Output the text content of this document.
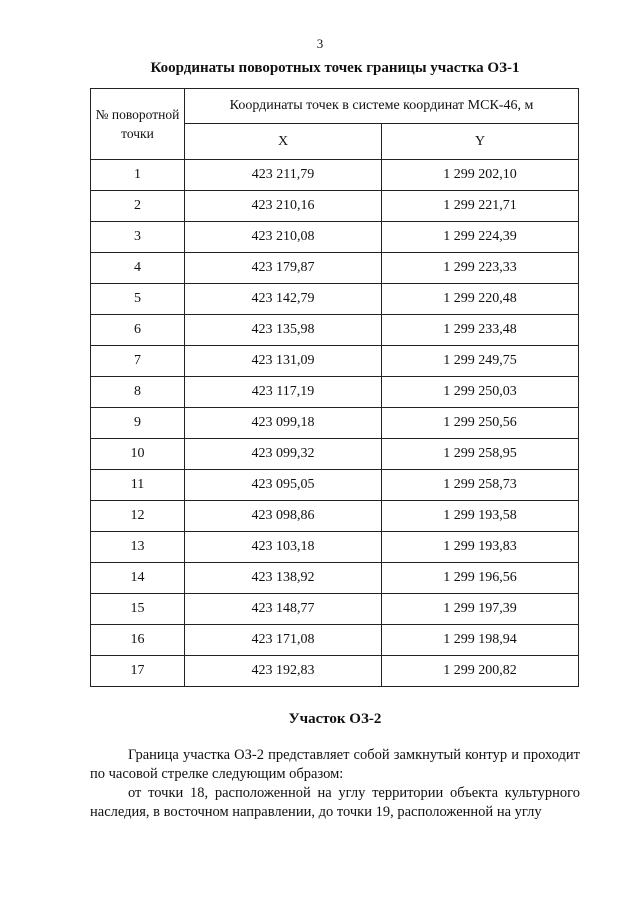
3
Координаты поворотных точек границы участка ОЗ-1
№ поворотной точки	Координаты точек в системе координат МСК-46, м	
	X	Y
1	423 211,79	1 299 202,10
2	423 210,16	1 299 221,71
3	423 210,08	1 299 224,39
4	423 179,87	1 299 223,33
5	423 142,79	1 299 220,48
6	423 135,98	1 299 233,48
7	423 131,09	1 299 249,75
8	423 117,19	1 299 250,03
9	423 099,18	1 299 250,56
10	423 099,32	1 299 258,95
11	423 095,05	1 299 258,73
12	423 098,86	1 299 193,58
13	423 103,18	1 299 193,83
14	423 138,92	1 299 196,56
15	423 148,77	1 299 197,39
16	423 171,08	1 299 198,94
17	423 192,83	1 299 200,82
Участок ОЗ-2

Граница участка ОЗ-2 представляет собой замкнутый контур и проходит по часовой стрелке следующим образом:

от точки 18, расположенной на углу территории объекта культурного наследия, в восточном направлении, до точки 19, расположенной на углу
